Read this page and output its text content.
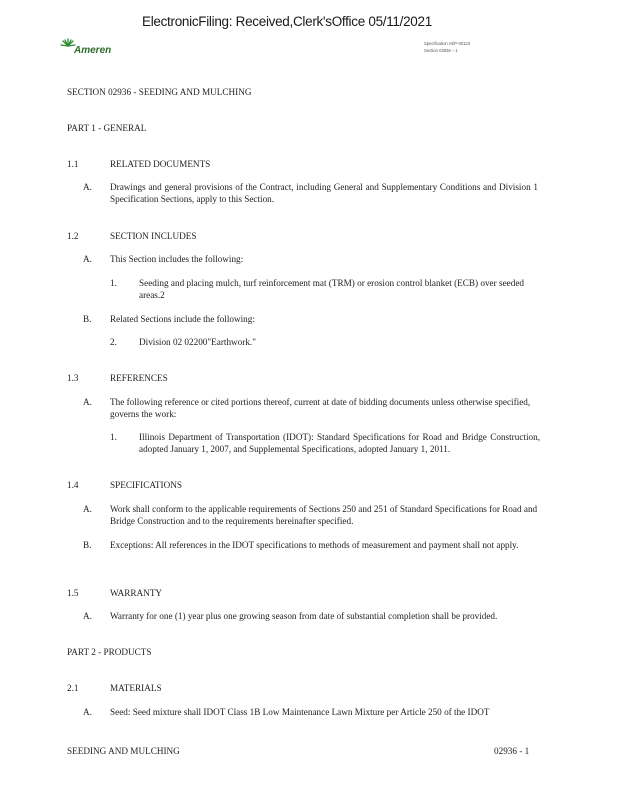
ElectronicFiling: Received,Clerk'sOffice 05/11/2021
Ameren
Specification AEP-00123
Section 02936 – 1
SECTION 02936 - SEEDING AND MULCHING
PART 1 - GENERAL
1.1	RELATED DOCUMENTS
A. Drawings and general provisions of the Contract, including General and Supplementary Conditions and Division 1 Specification Sections, apply to this Section.
1.2	SECTION INCLUDES
A. This Section includes the following:
1. Seeding and placing mulch, turf reinforcement mat (TRM) or erosion control blanket (ECB) over seeded areas.2
B. Related Sections include the following:
2. Division 02 02200"Earthwork."
1.3	REFERENCES
A. The following reference or cited portions thereof, current at date of bidding documents unless otherwise specified, governs the work:
1. Illinois Department of Transportation (IDOT): Standard Specifications for Road and Bridge Construction, adopted January 1, 2007, and Supplemental Specifications, adopted January 1, 2011.
1.4	SPECIFICATIONS
A. Work shall conform to the applicable requirements of Sections 250 and 251 of Standard Specifications for Road and Bridge Construction and to the requirements hereinafter specified.
B. Exceptions: All references in the IDOT specifications to methods of measurement and payment shall not apply.
1.5	WARRANTY
A. Warranty for one (1) year plus one growing season from date of substantial completion shall be provided.
PART 2 - PRODUCTS
2.1	MATERIALS
A. Seed: Seed mixture shall IDOT Class 1B Low Maintenance Lawn Mixture per Article 250 of the IDOT
SEEDING AND MULCHING	02936 - 1
